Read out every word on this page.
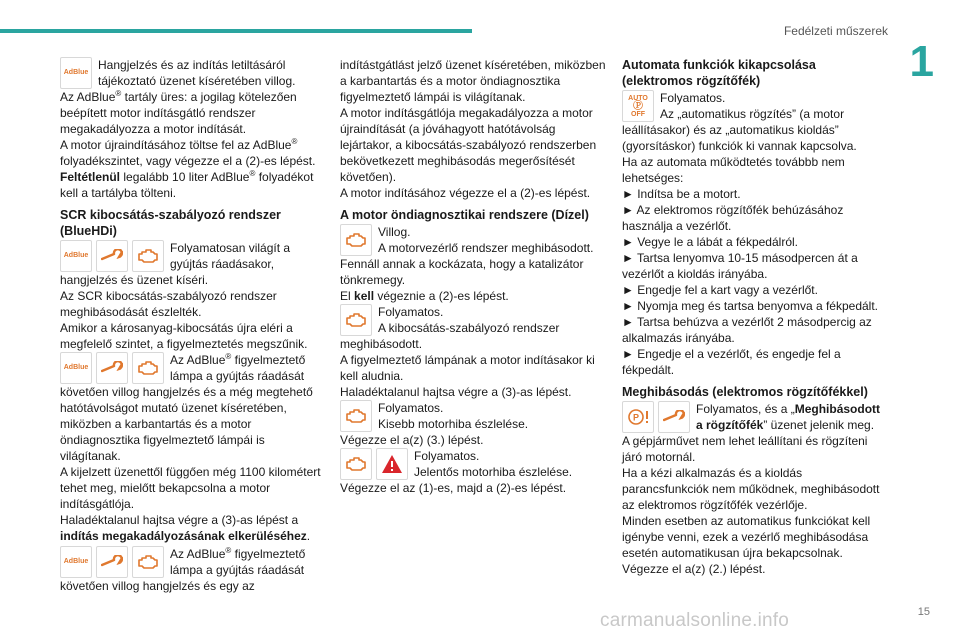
Fedélzeti műszerek
1
15
carmanualsonline.info
AdBlue

Hangjelzés és az indítás letiltásáról tájékoztató üzenet kíséretében villog.

Az AdBlue® tartály üres: a jogilag kötelezően beépített motor indításgátló rendszer megakadályozza a motor indítását.

A motor újraindításához töltse fel az AdBlue® folyadékszintet, vagy végezze el a (2)-es lépést.

Feltétlenül legalább 10 liter AdBlue® folyadékot kell a tartályba tölteni.

SCR kibocsátás-szabályozó rendszer (BlueHDi)
AdBlue

Folyamatosan világít a gyújtás ráadásakor, hangjelzés és üzenet kíséri.

Az SCR kibocsátás-szabályozó rendszer meghibásodását észlelték.

Amikor a károsanyag-kibocsátás újra eléri a megfelelő szintet, a figyelmeztetés megszűnik.

AdBlue

Az AdBlue® figyelmeztető lámpa a gyújtás ráadását követően villog hangjelzés és a még megtehető hatótávolságot mutató üzenet kíséretében, miközben a karbantartás és a motor öndiagnosztika figyelmeztető lámpái is világítanak.

A kijelzett üzenettől függően még 1100 kilométert tehet meg, mielőtt bekapcsolna a motor indításgátlója.

Haladéktalanul hajtsa végre a (3)-as lépést a indítás megakadályozásának elkerüléséhez.

AdBlue

Az AdBlue® figyelmeztető lámpa a gyújtás ráadását követően villog hangjelzés és egy az

indítástgátlást jelző üzenet kíséretében, miközben a karbantartás és a motor öndiagnosztika figyelmeztető lámpái is világítanak.

A motor indításgátlója megakadályozza a motor újraindítását (a jóváhagyott hatótávolság lejártakor, a kibocsátás-szabályozó rendszerben bekövetkezett meghibásodás megerősítését követően).

A motor indításához végezze el a (2)-es lépést.

A motor öndiagnosztikai rendszere (Dízel)

Villog.

A motorvezérlő rendszer meghibásodott. Fennáll annak a kockázata, hogy a katalizátor tönkremegy.

El kell végeznie a (2)-es lépést.

Folyamatos.

A kibocsátás-szabályozó rendszer meghibásodott.

A figyelmeztető lámpának a motor indításakor ki kell aludnia.

Haladéktalanul hajtsa végre a (3)-as lépést.

Folyamatos.

Kisebb motorhiba észlelése.

Végezze el a(z) (3.) lépést.

Folyamatos.

Jelentős motorhiba észlelése.

Végezze el az (1)-es, majd a (2)-es lépést.

Automata funkciók kikapcsolása (elektromos rögzítőfék)
AUTO
Ⓟ
OFF

Folyamatos.

Az „automatikus rögzítés” (a motor leállításakor) és az „automatikus kioldás” (gyorsításkor) funkciók ki vannak kapcsolva.

Ha az automata működtetés továbbb nem lehetséges:

► Indítsa be a motort.

► Az elektromos rögzítőfék behúzásához használja a vezérlőt.

► Vegye le a lábát a fékpedálról.

► Tartsa lenyomva 10-15 másodpercen át a vezérlőt a kioldás irányába.

► Engedje fel a kart vagy a vezérlőt.

► Nyomja meg és tartsa benyomva a fékpedált.

► Tartsa behúzva a vezérlőt 2 másodpercig az alkalmazás irányába.

► Engedje el a vezérlőt, és engedje fel a fékpedált.

Meghibásodás (elektromos rögzítőfékkel)
P

Folyamatos, és a „Meghibásodott a rögzítőfék” üzenet jelenik meg.

A gépjárművet nem lehet leállítani és rögzíteni járó motornál.

Ha a kézi alkalmazás és a kioldás parancsfunkciók nem működnek, meghibásodott az elektromos rögzítőfék vezérlője.

Minden esetben az automatikus funkciókat kell igénybe venni, ezek a vezérlő meghibásodása esetén automatikusan újra bekapcsolnak.

Végezze el a(z) (2.) lépést.
